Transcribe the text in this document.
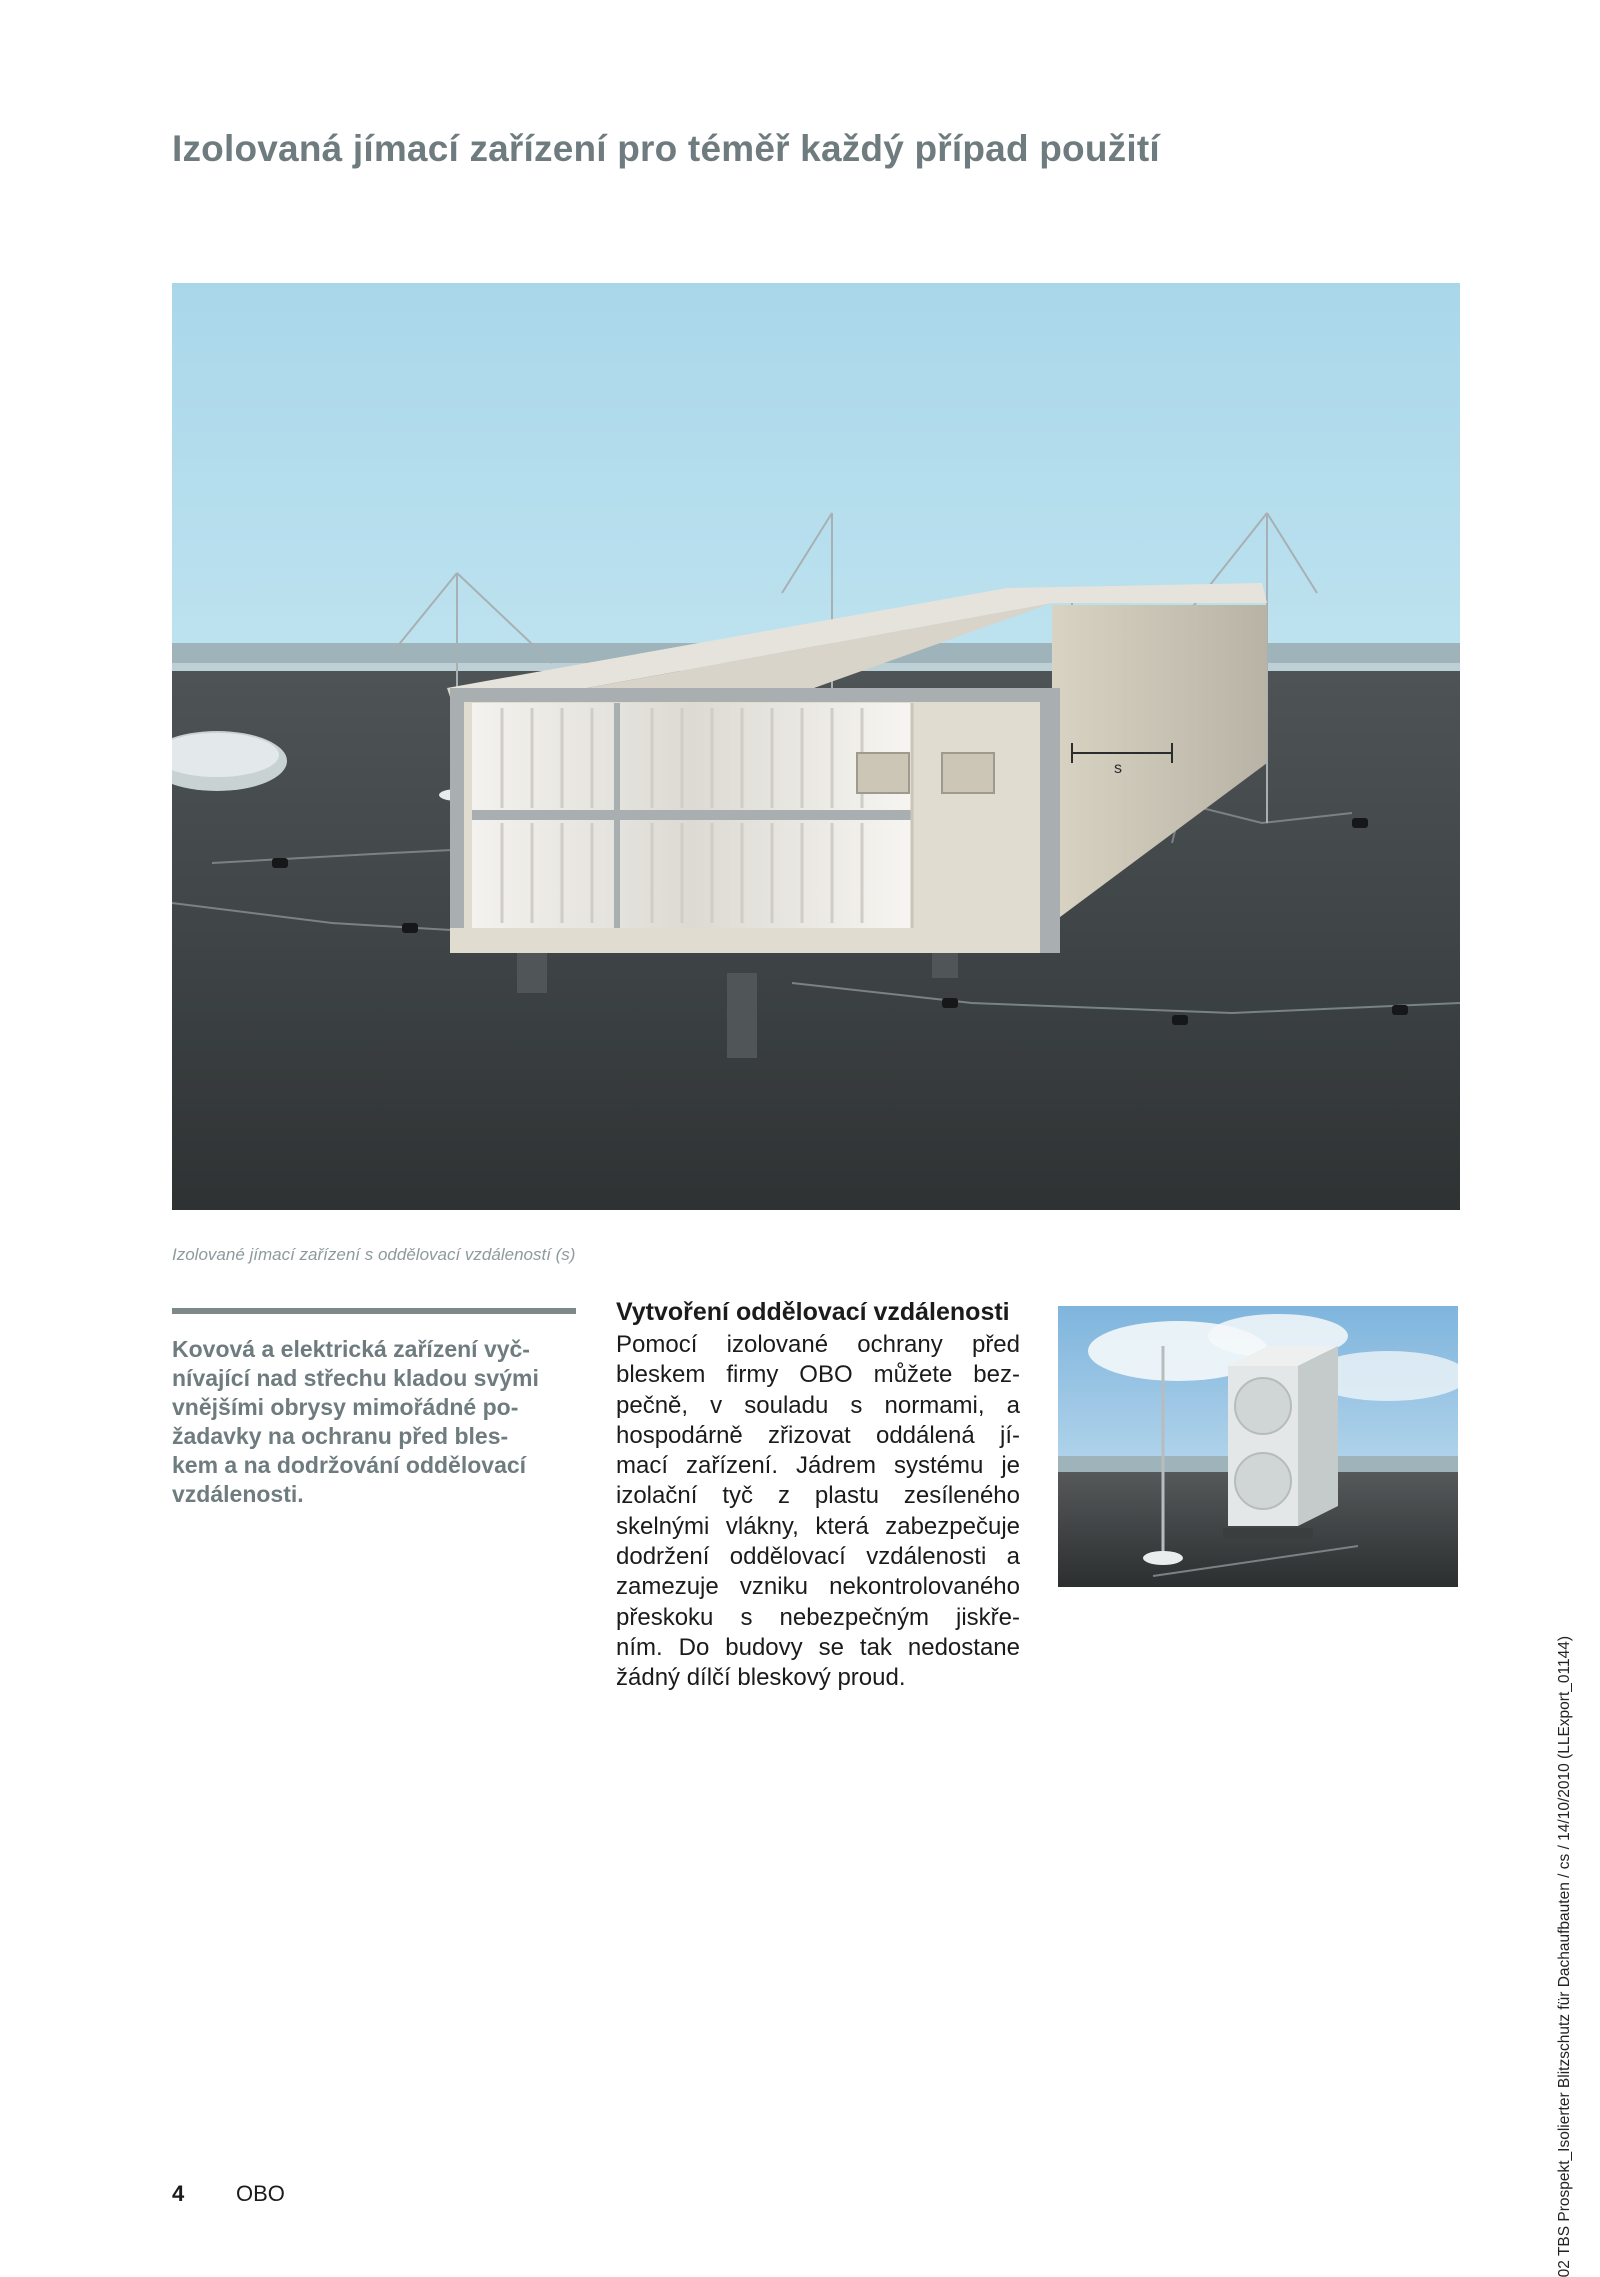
Izolovaná jímací zařízení pro téměř každý případ použití
s
Izolované jímací zařízení s oddělovací vzdáleností (s)
Kovová a elektrická zařízení vyč-
nívající nad střechu kladou svými
vnějšími obrysy mimořádné po-
žadavky na ochranu před bles-
kem a na dodržování oddělovací
vzdálenosti.
Vytvoření oddělovací vzdálenosti
Pomocí izolované ochrany před
bleskem firmy OBO můžete bez-
pečně, v souladu s normami, a
hospodárně zřizovat oddálená jí-
mací zařízení. Jádrem systému je
izolační tyč z plastu zesíleného
skelnými vlákny, která zabezpečuje
dodržení oddělovací vzdálenosti a
zamezuje vzniku nekontrolovaného
přeskoku s nebezpečným jiskře-
ním. Do budovy se tak nedostane
žádný dílčí bleskový proud.	02 TBS Prospekt_Isolierter Blitzschutz für Dachaufbauten / cs / 14/10/2010 (LLExport_01144)
4 OBO
